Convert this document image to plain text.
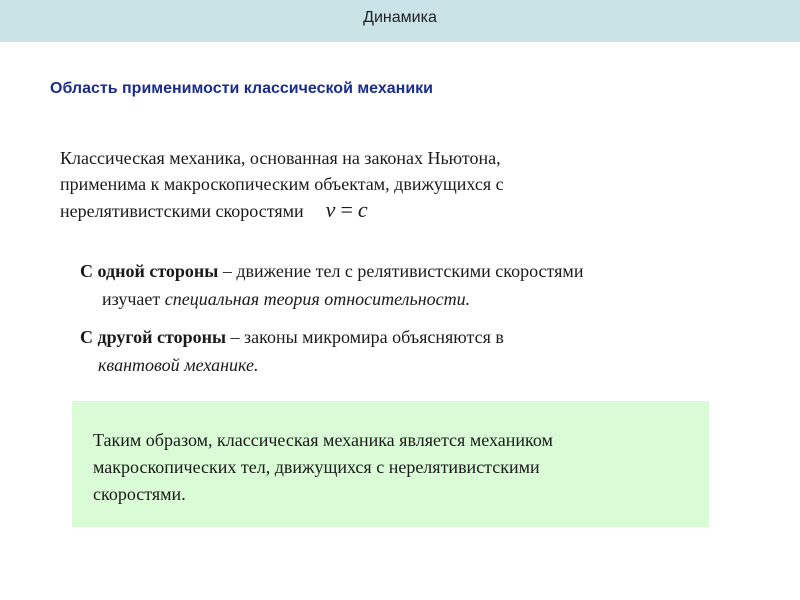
Динамика
Область применимости классической механики
Классическая механика, основанная на законах Ньютона,
применима к макроскопическим объектам, движущихся с
нерелятивистскими скоростями v = c
С одной стороны – движение тел с релятивистскими скоростями
изучает специальная теория относительности.
С другой стороны – законы микромира объясняются в
квантовой механике.
Таким образом, классическая механика является механиком
макроскопических тел, движущихся с нерелятивистскими
скоростями.
